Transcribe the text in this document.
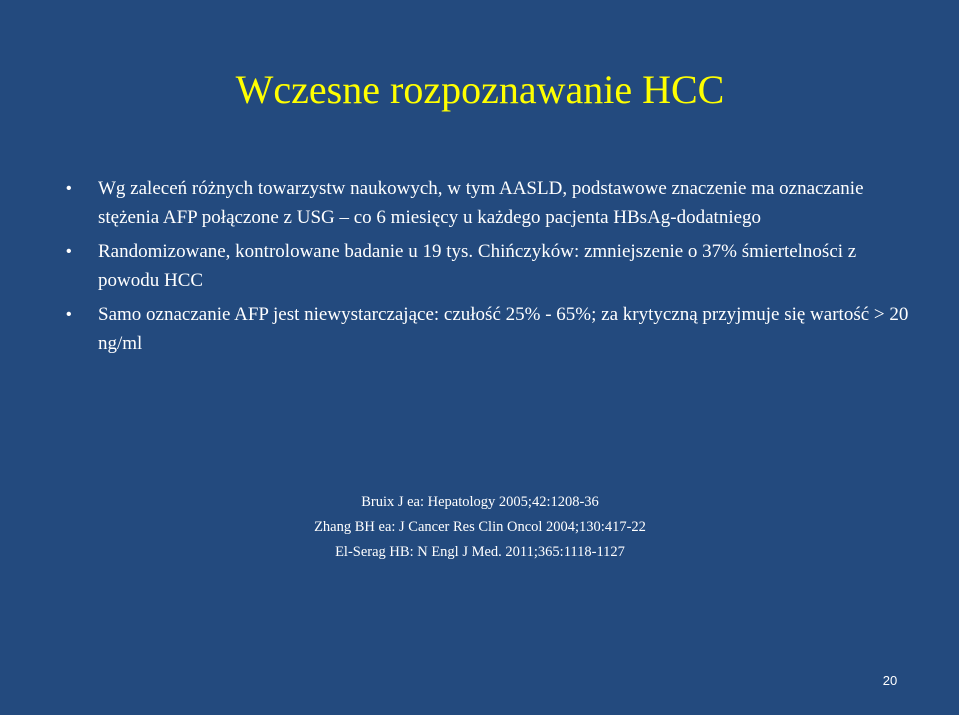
Wczesne rozpoznawanie HCC
• Wg zaleceń różnych towarzystw naukowych, w tym AASLD, podstawowe znaczenie ma oznaczanie stężenia AFP połączone z USG – co 6 miesięcy u każdego pacjenta HBsAg-dodatniego
• Randomizowane, kontrolowane badanie u 19 tys. Chińczyków: zmniejszenie o 37% śmiertelności z powodu HCC
• Samo oznaczanie AFP jest niewystarczające: czułość 25% - 65%; za krytyczną przyjmuje się wartość > 20 ng/ml
Bruix J ea: Hepatology 2005;42:1208-36
Zhang BH ea: J Cancer Res Clin Oncol 2004;130:417-22
El-Serag HB: N Engl J Med. 2011;365:1118-1127
20
